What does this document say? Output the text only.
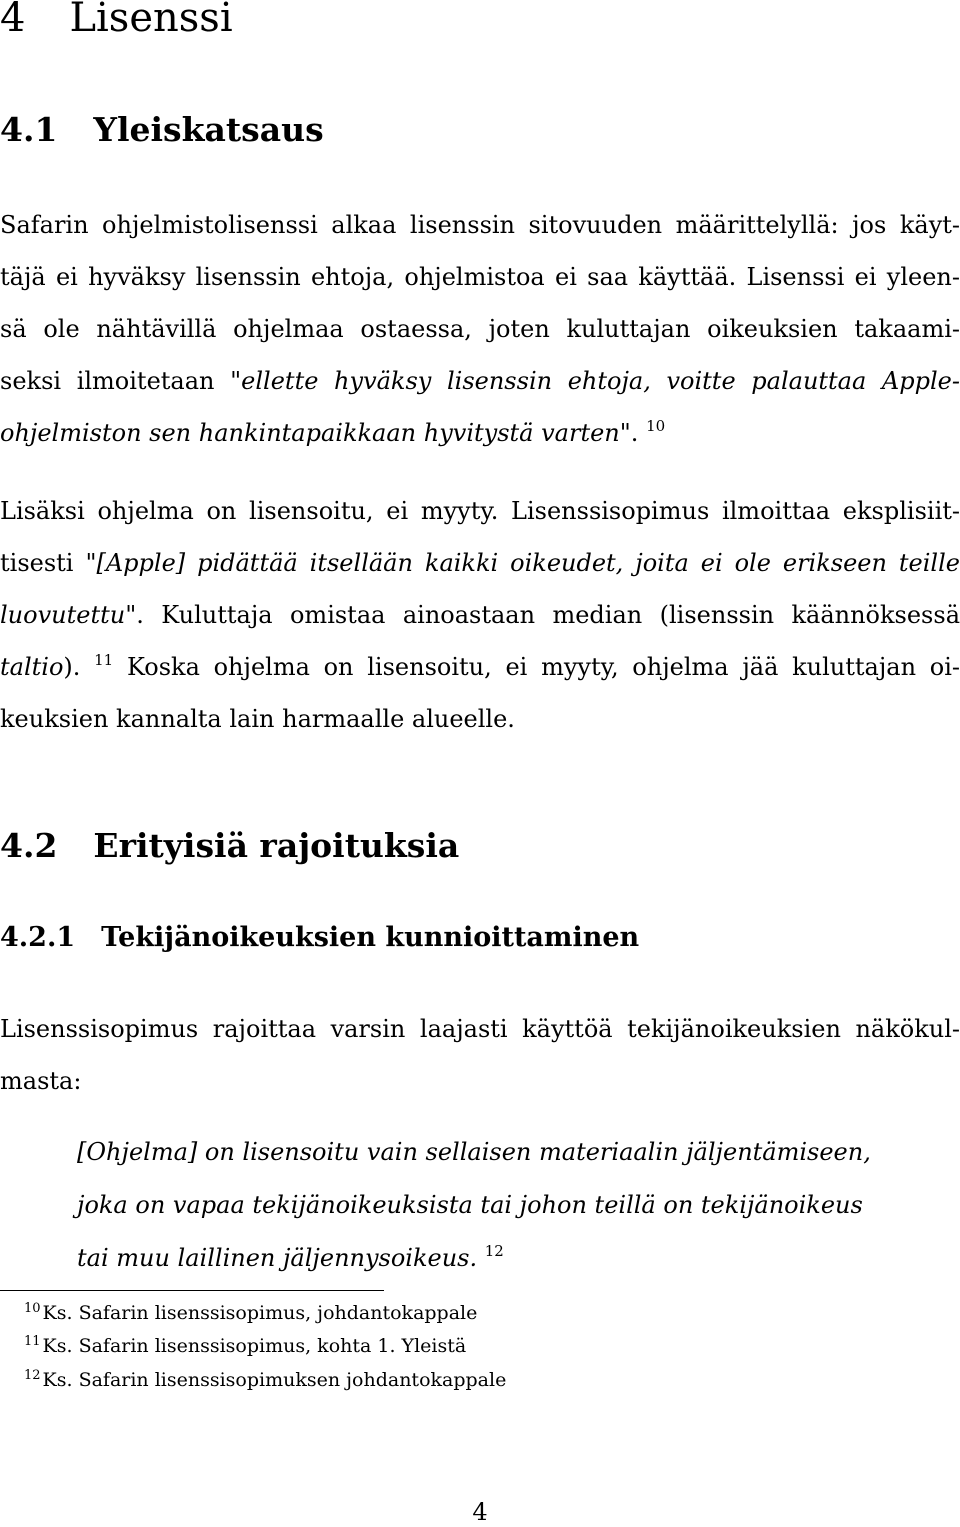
4 Lisenssi
4.1 Yleiskatsaus

Safarin ohjelmistolisenssi alkaa lisenssin sitovuuden määrittelyllä: jos käyt-

täjä ei hyväksy lisenssin ehtoja, ohjelmistoa ei saa käyttää. Lisenssi ei yleen-

sä ole nähtävillä ohjelmaa ostaessa, joten kuluttajan oikeuksien takaami-

seksi ilmoitetaan "ellette hyväksy lisenssin ehtoja, voitte palauttaa Apple-

ohjelmiston sen hankintapaikkaan hyvitystä varten". $^{10}$

Lisäksi ohjelma on lisensoitu, ei myyty. Lisenssisopimus ilmoittaa eksplisiit-

tisesti "[Apple] pidättää itsellään kaikki oikeudet, joita ei ole erikseen teille

luovutettu". Kuluttaja omistaa ainoastaan median (lisenssin käännöksessä

taltio). $^{11}$ Koska ohjelma on lisensoitu, ei myyty, ohjelma jää kuluttajan oi-

keuksien kannalta lain harmaalle alueelle.

4.2 Erityisiä rajoituksia
4.2.1 Tekijänoikeuksien kunnioittaminen

Lisenssisopimus rajoittaa varsin laajasti käyttöä tekijänoikeuksien näkökul-

masta:

[Ohjelma] on lisensoitu vain sellaisen materiaalin jäljentämiseen,

joka on vapaa tekijänoikeuksista tai johon teillä on tekijänoikeus

tai muu laillinen jäljennysoikeus. $^{12}$

$^{10}$ Ks. Safarin lisenssisopimus, johdantokappale

$^{11}$ Ks. Safarin lisenssisopimus, kohta 1. Yleistä

$^{12}$ Ks. Safarin lisenssisopimuksen johdantokappale

4
